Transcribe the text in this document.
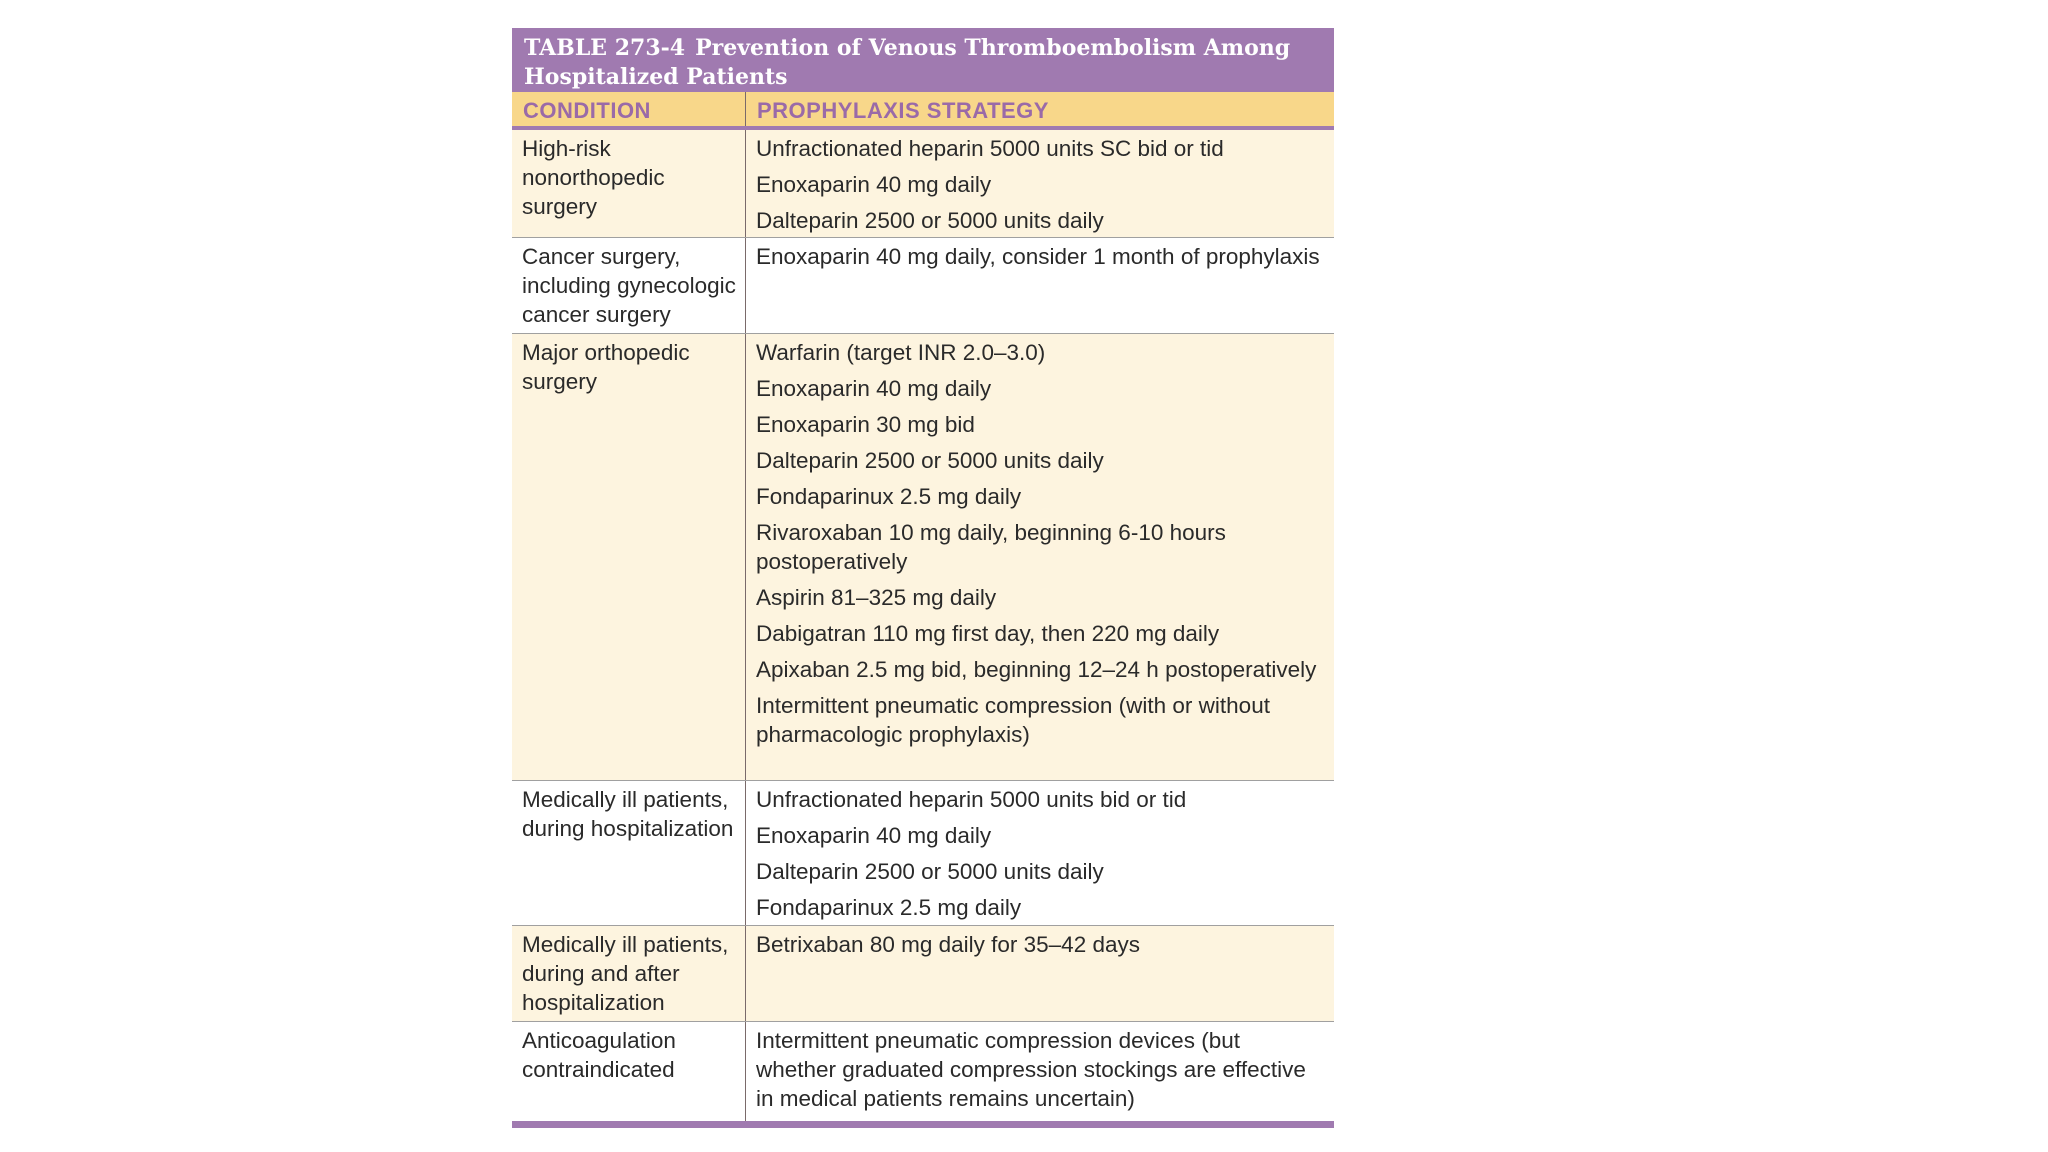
TABLE 273-4 Prevention of Venous Thromboembolism Among Hospitalized Patients
CONDITION	PROPHYLAXIS STRATEGY
High-risk nonorthopedic surgery
Unfractionated heparin 5000 units SC bid or tid
Enoxaparin 40 mg daily
Dalteparin 2500 or 5000 units daily
Cancer surgery, including gynecologic cancer surgery
Enoxaparin 40 mg daily, consider 1 month of prophylaxis
Major orthopedic surgery
Warfarin (target INR 2.0–3.0)
Enoxaparin 40 mg daily
Enoxaparin 30 mg bid
Dalteparin 2500 or 5000 units daily
Fondaparinux 2.5 mg daily
Rivaroxaban 10 mg daily, beginning 6-10 hours postoperatively
Aspirin 81–325 mg daily
Dabigatran 110 mg first day, then 220 mg daily
Apixaban 2.5 mg bid, beginning 12–24 h postoperatively
Intermittent pneumatic compression (with or without pharmacologic prophylaxis)
Medically ill patients, during hospitalization
Unfractionated heparin 5000 units bid or tid
Enoxaparin 40 mg daily
Dalteparin 2500 or 5000 units daily
Fondaparinux 2.5 mg daily
Medically ill patients, during and after hospitalization
Betrixaban 80 mg daily for 35–42 days
Anticoagulation contraindicated
Intermittent pneumatic compression devices (but whether graduated compression stockings are effective in medical patients remains uncertain)
